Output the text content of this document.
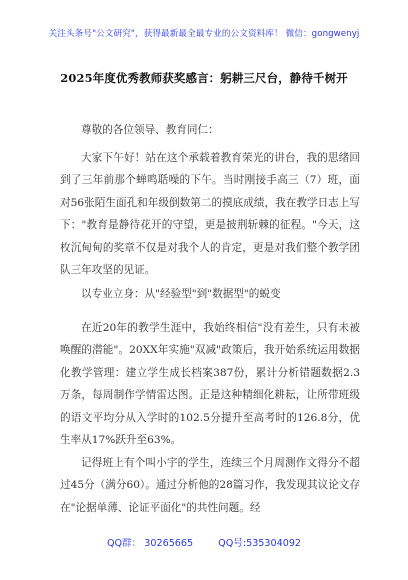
关注头条号"公文研究"，获得最新最全最专业的公文资料库！ 微信：gongwenyj
2025年度优秀教师获奖感言：躬耕三尺台，静待千树开

尊敬的各位领导、教育同仁：

大家下午好！站在这个承载着教育荣光的讲台，我的思绪回到了三年前那个蝉鸣聒噪的下午。当时刚接手高三（7）班，面对56张陌生面孔和年级倒数第二的摸底成绩，我在教学日志上写下："教育是静待花开的守望，更是披荆斩棘的征程。"今天，这枚沉甸甸的奖章不仅是对我个人的肯定，更是对我们整个教学团队三年攻坚的见证。

以专业立身：从"经验型"到"数据型"的蜕变

在近20年的教学生涯中，我始终相信"没有差生，只有未被唤醒的潜能"。20XX年实施"双减"政策后，我开始系统运用数据化教学管理：建立学生成长档案387份，累计分析错题数据2.3万条，每周制作学情雷达图。正是这种精细化耕耘，让所带班级的语文平均分从入学时的102.5分提升至高考时的126.8分，优生率从17%跃升至63%。

记得班上有个叫小宇的学生，连续三个月周测作文得分不超过45分（满分60）。通过分析他的28篇习作，我发现其议论文存在"论据单薄、论证平面化"的共性问题。经

QQ群： 30265665	QQ号:535304092
